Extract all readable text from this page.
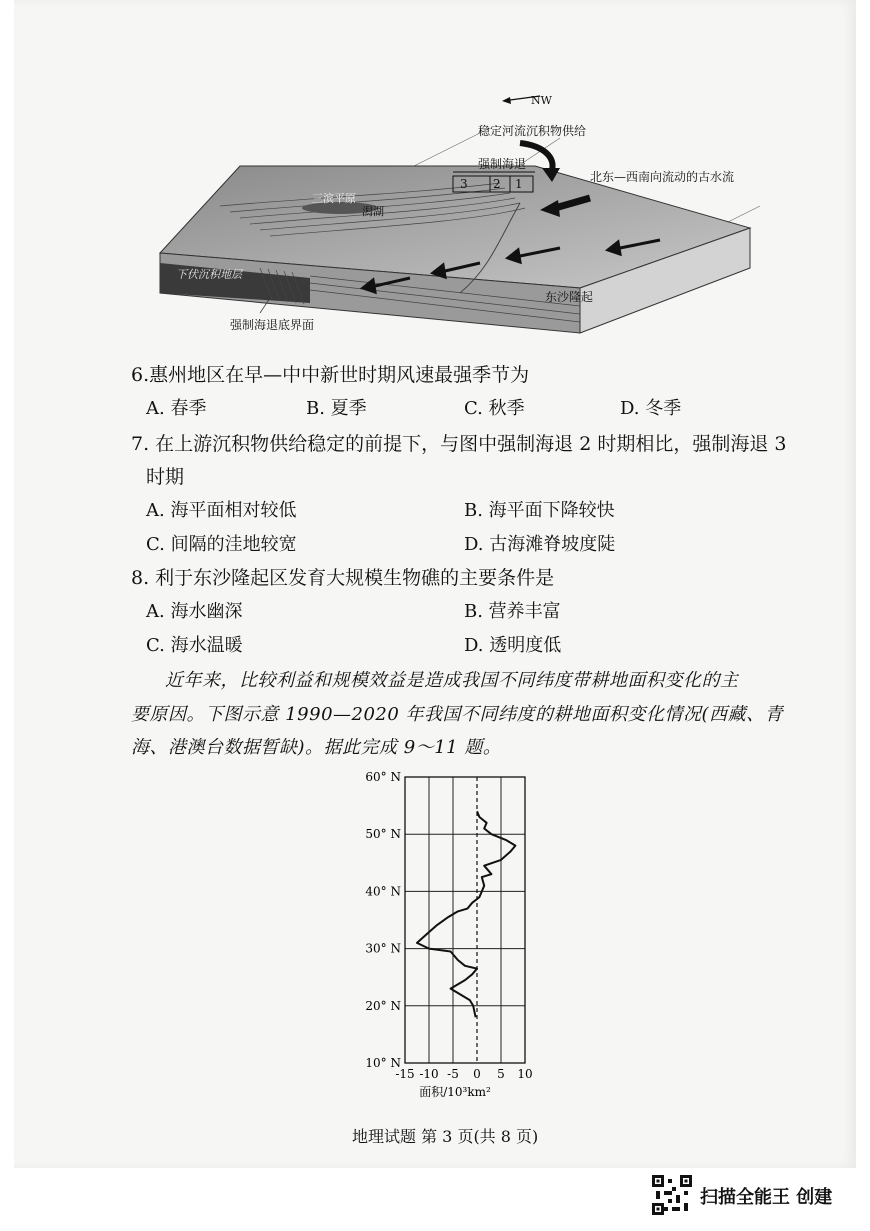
NW
稳定河流沉积物供给
强制海退
3 2 1	北东—西南向流动的古水流
三滨平原
潟湖
下伏沉积地层
东沙隆起
强制海退底界面
6.惠州地区在早—中中新世时期风速最强季节为
A. 春季	B. 夏季	C. 秋季	D. 冬季
7. 在上游沉积物供给稳定的前提下，与图中强制海退 2 时期相比，强制海退 3
时期
A. 海平面相对较低	B. 海平面下降较快
C. 间隔的洼地较宽	D. 古海滩脊坡度陡
8. 利于东沙隆起区发育大规模生物礁的主要条件是
A. 海水幽深	B. 营养丰富
C. 海水温暖	D. 透明度低
近年来，比较利益和规模效益是造成我国不同纬度带耕地面积变化的主
要原因。下图示意 1990—2020 年我国不同纬度的耕地面积变化情况(西藏、青
海、港澳台数据暂缺)。据此完成 9～11 题。
10° N
20° N
30° N
40° N
50° N
60° N
-15 -10 -5 0 5 10
面积/10³km²
地理试题 第 3 页(共 8 页)
扫描全能王 创建
